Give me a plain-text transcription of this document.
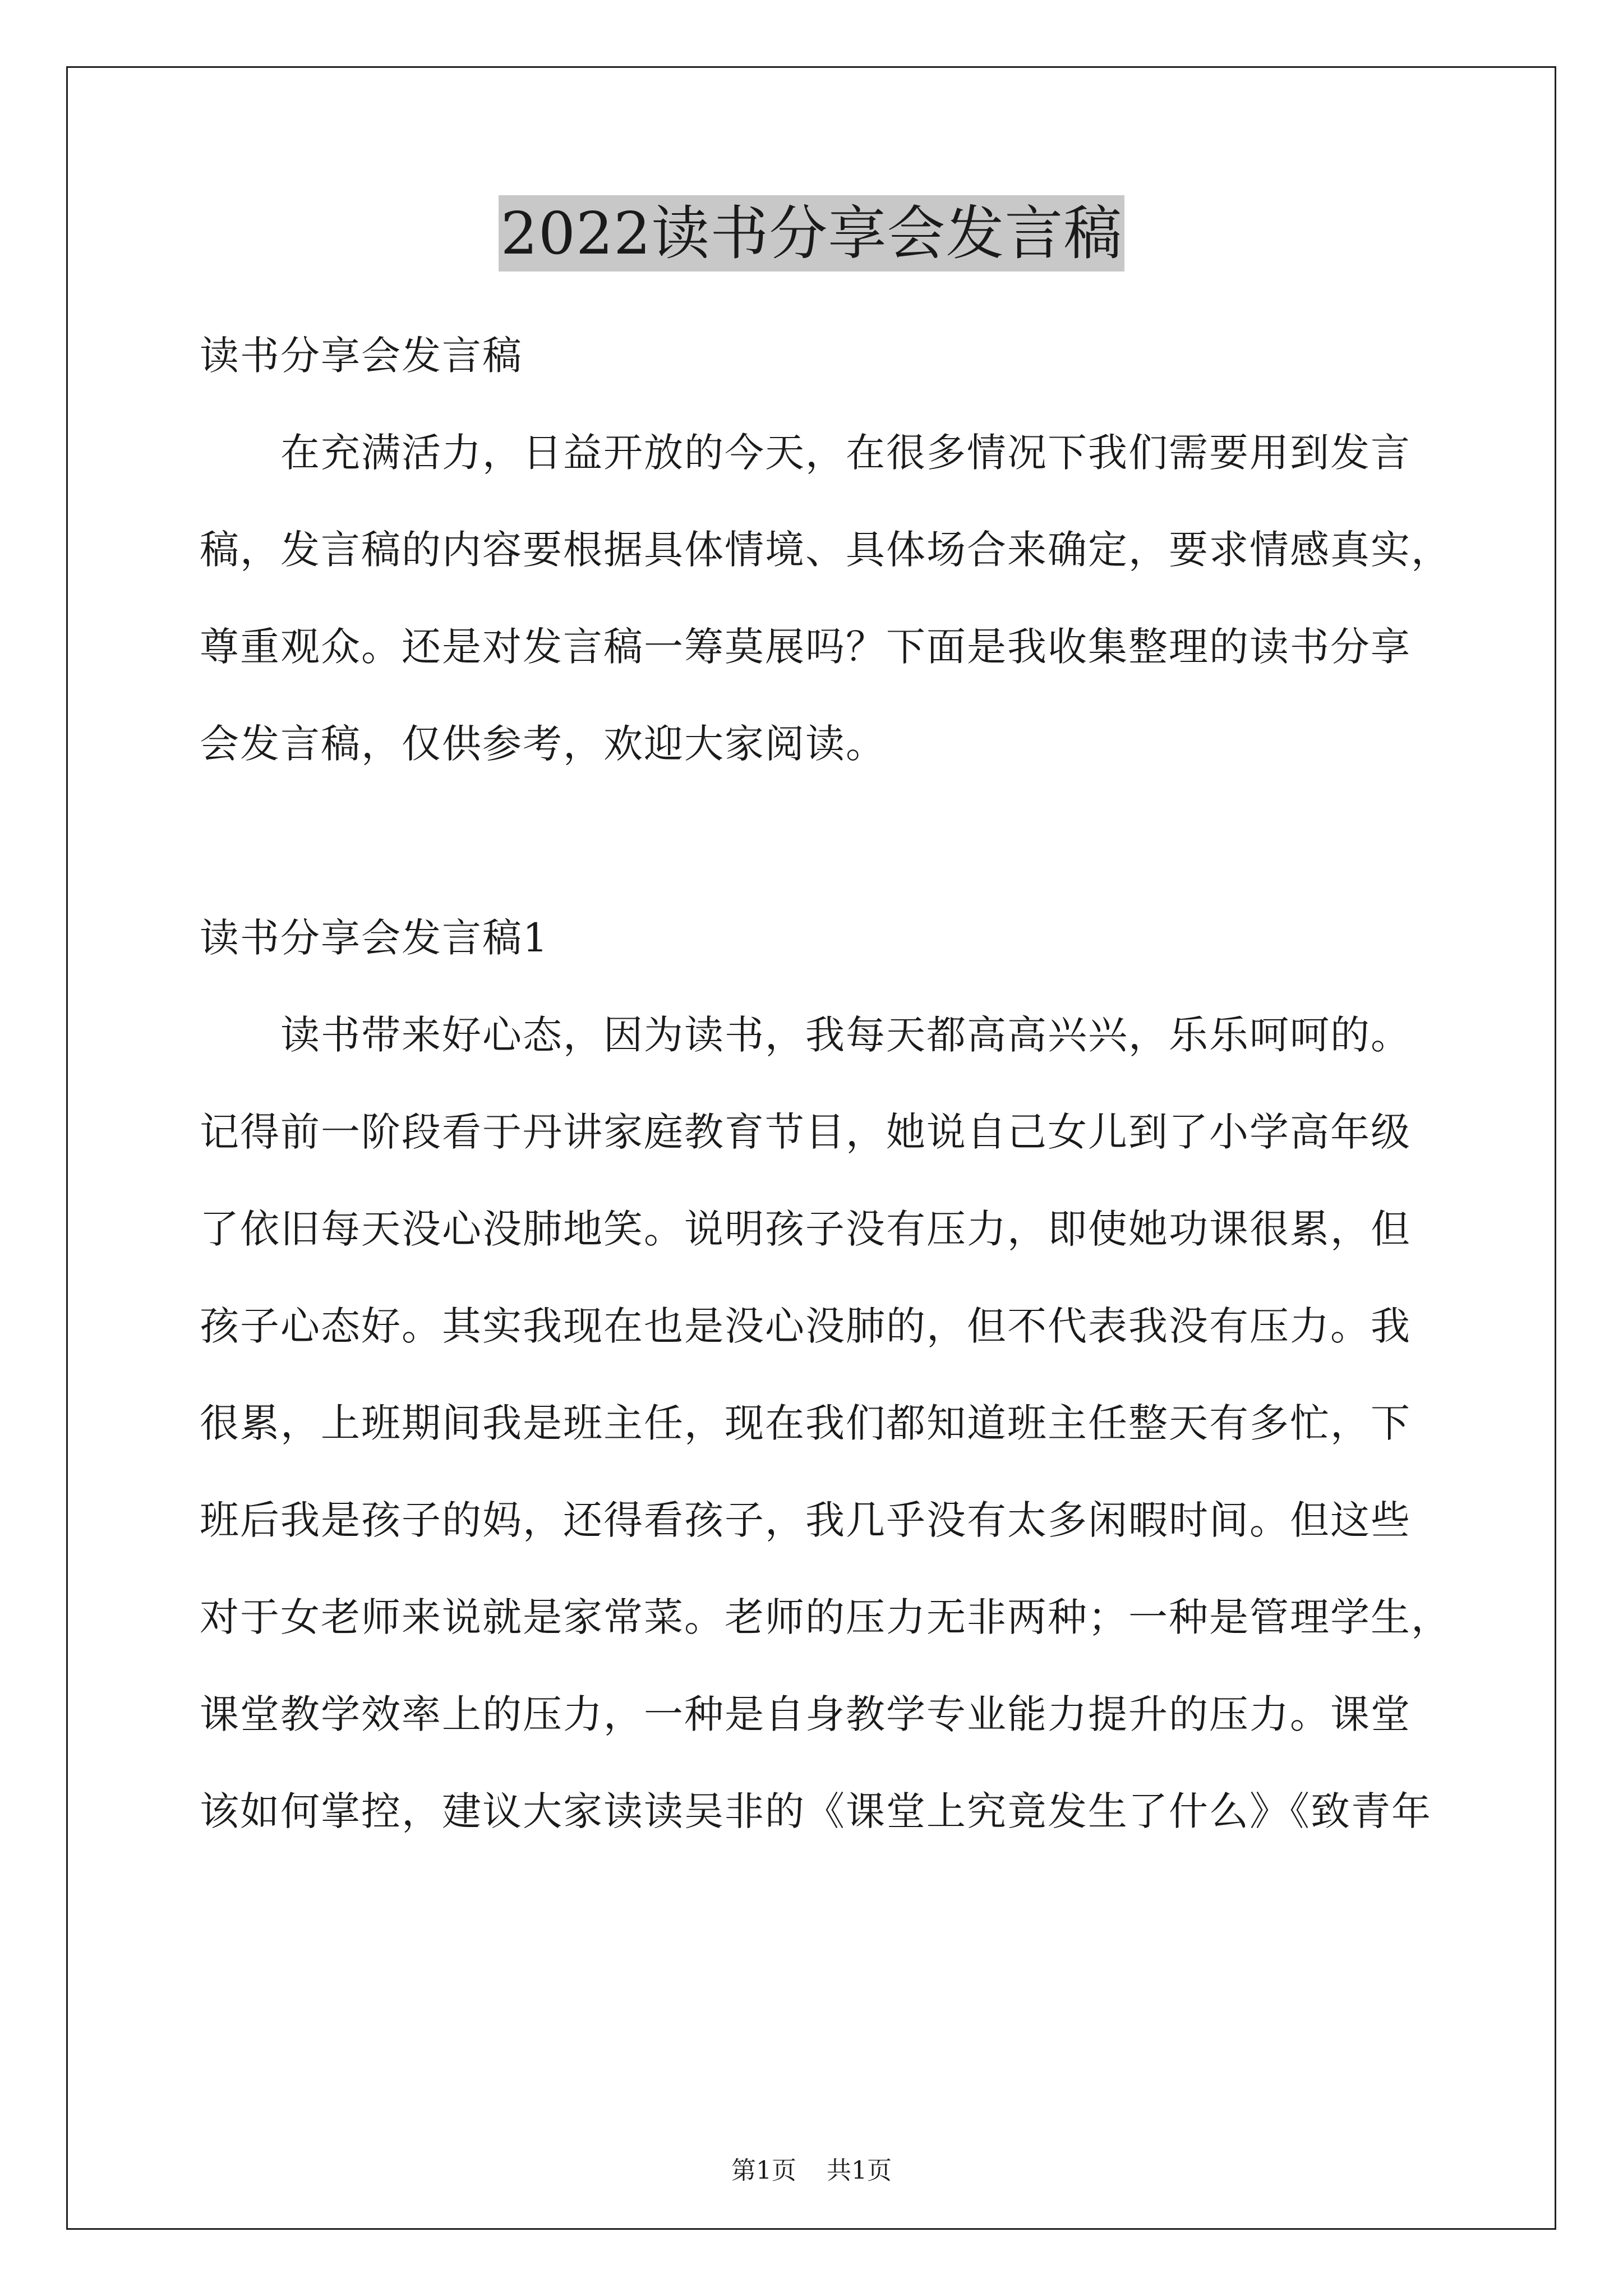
2022读书分享会发言稿
读书分享会发言稿
　　在充满活力，日益开放的今天，在很多情况下我们需要用到发言
稿，发言稿的内容要根据具体情境、具体场合来确定，要求情感真实，
尊重观众。还是对发言稿一筹莫展吗？下面是我收集整理的读书分享
会发言稿，仅供参考，欢迎大家阅读。
读书分享会发言稿1
　　读书带来好心态，因为读书，我每天都高高兴兴，乐乐呵呵的。
记得前一阶段看于丹讲家庭教育节目，她说自己女儿到了小学高年级
了依旧每天没心没肺地笑。说明孩子没有压力，即使她功课很累，但
孩子心态好。其实我现在也是没心没肺的，但不代表我没有压力。我
很累，上班期间我是班主任，现在我们都知道班主任整天有多忙，下
班后我是孩子的妈，还得看孩子，我几乎没有太多闲暇时间。但这些
对于女老师来说就是家常菜。老师的压力无非两种；一种是管理学生，
课堂教学效率上的压力，一种是自身教学专业能力提升的压力。课堂
该如何掌控，建议大家读读吴非的《课堂上究竟发生了什么》《致青年
第1页 共1页
